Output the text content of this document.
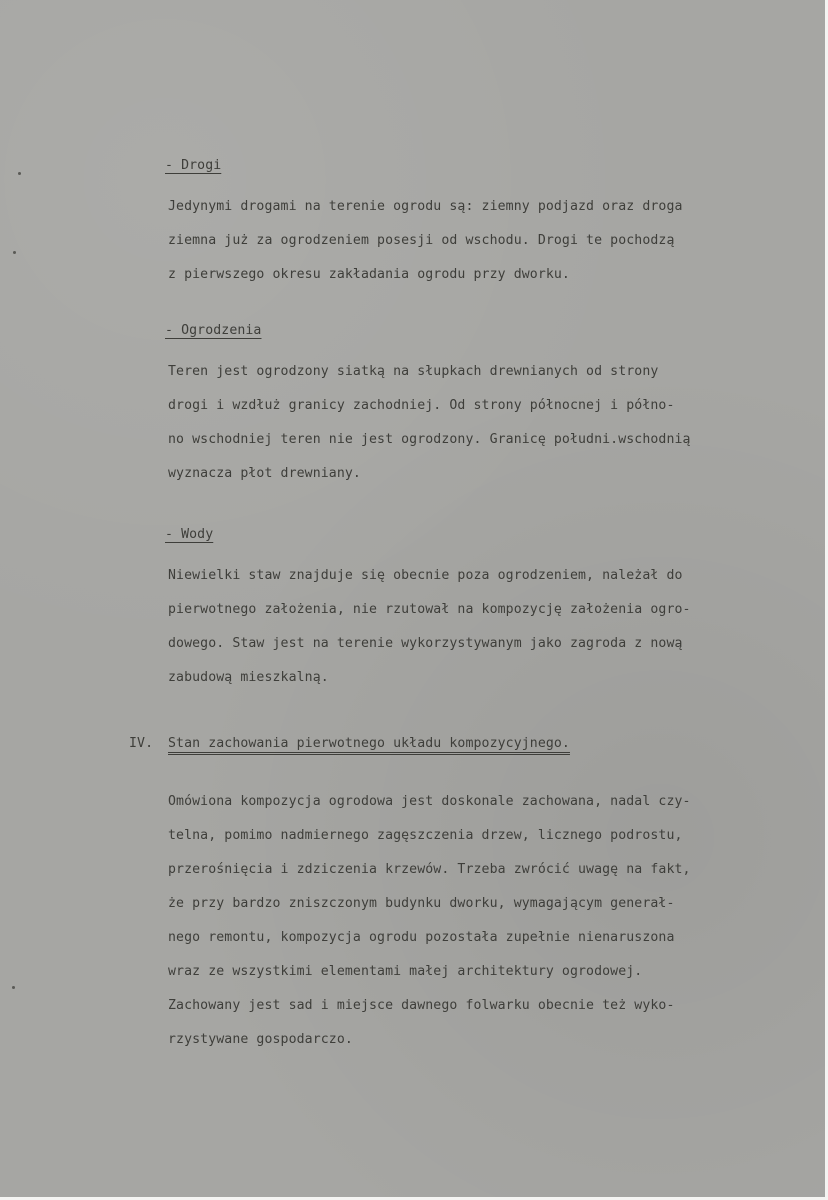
- Drogi
Jedynymi drogami na terenie ogrodu są: ziemny podjazd oraz droga
ziemna już za ogrodzeniem posesji od wschodu. Drogi te pochodzą
z pierwszego okresu zakładania ogrodu przy dworku.
- Ogrodzenia
Teren jest ogrodzony siatką na słupkach drewnianych od strony
drogi i wzdłuż granicy zachodniej. Od strony północnej i półno-
no wschodniej teren nie jest ogrodzony. Granicę południ.wschodnią
wyznacza płot drewniany.
- Wody
Niewielki staw znajduje się obecnie poza ogrodzeniem, należał do
pierwotnego założenia, nie rzutował na kompozycję założenia ogro-
dowego. Staw jest na terenie wykorzystywanym jako zagroda z nową
zabudową mieszkalną.
IV. Stan zachowania pierwotnego układu kompozycyjnego.
Omówiona kompozycja ogrodowa jest doskonale zachowana, nadal czy-
telna, pomimo nadmiernego zagęszczenia drzew, licznego podrostu,
przerośnięcia i zdziczenia krzewów. Trzeba zwrócić uwagę na fakt,
że przy bardzo zniszczonym budynku dworku, wymagającym generał-
nego remontu, kompozycja ogrodu pozostała zupełnie nienaruszona
wraz ze wszystkimi elementami małej architektury ogrodowej.
Zachowany jest sad i miejsce dawnego folwarku obecnie też wyko-
rzystywane gospodarczo.
